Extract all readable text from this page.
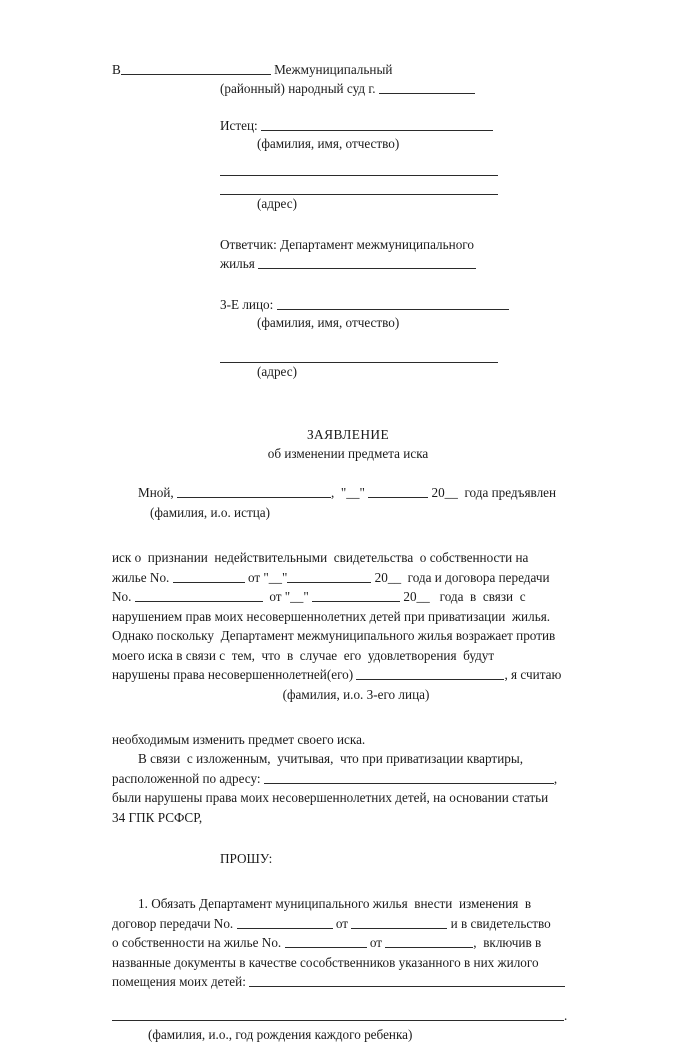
В	Межмуниципальный
(районный) народный суд г.
Истец:
(фамилия, имя, отчество)
(адрес)
Ответчик: Департамент межмуниципального
жилья
3-Е лицо:
(фамилия, имя, отчество)
(адрес)
ЗАЯВЛЕНИЕ
об изменении предмета иска
Мной,	,  "__"	20__  года предъявлен
(фамилия, и.о. истца)
иск о  признании  недействительными  свидетельства  о собственности на
жилье No.	от "__"	20__  года и договора передачи
No.	от "__"	20__   года  в  связи  с
нарушением прав моих несовершеннолетних детей при приватизации  жилья.
Однако поскольку  Департамент межмуниципального жилья возражает против
моего иска в связи с  тем,  что  в  случае  его  удовлетворения  будут
нарушены права несовершеннолетней(его)	, я считаю
(фамилия, и.о. 3-его лица)
необходимым изменить предмет своего иска.
В связи  с изложенным,  учитывая,  что при приватизации квартиры,
расположенной по адресу:	,
были нарушены права моих несовершеннолетних детей, на основании статьи
34 ГПК РСФСР,
ПРОШУ:
1. Обязать Департамент муниципального жилья  внести  изменения  в
договор передачи No.	от	и в свидетельство
о собственности на жилье No.	от	,  включив в
названные документы в качестве сособственников указанного в них жилого
помещения моих детей:
.
(фамилия, и.о., год рождения каждого ребенка)
